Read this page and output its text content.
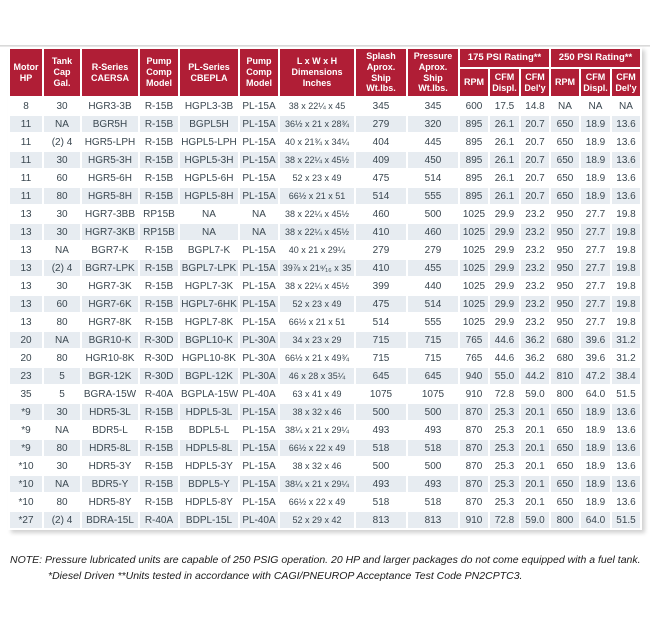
Motor HP	Tank Cap Gal.	R-Series CAERSA	Pump Comp Model	PL-Series CBEPLA	Pump Comp Model	L x W x H Dimensions Inches	Splash Aprox. Ship Wt.lbs.	Pressure Aprox. Ship Wt.lbs.	175 PSI Rating**			250 PSI Rating**		
									RPM	CFM Displ.	CFM Del'y	RPM	CFM Displ.	CFM Del'y
8	30	HGR3-3B	R-15B	HGPL3-3B	PL-15A	38 x 22¼ x 45	345	345	600	17.5	14.8	NA	NA	NA
11	NA	BGR5H	R-15B	BGPL5H	PL-15A	36½ x 21 x 28¾	279	320	895	26.1	20.7	650	18.9	13.6
11	(2) 4	HGR5-LPH	R-15B	HGPL5-LPH	PL-15A	40 x 21¾ x 34¼	404	445	895	26.1	20.7	650	18.9	13.6
11	30	HGR5-3H	R-15B	HGPL5-3H	PL-15A	38 x 22¼ x 45½	409	450	895	26.1	20.7	650	18.9	13.6
11	60	HGR5-6H	R-15B	HGPL5-6H	PL-15A	52 x 23 x 49	475	514	895	26.1	20.7	650	18.9	13.6
11	80	HGR5-8H	R-15B	HGPL5-8H	PL-15A	66½ x 21 x 51	514	555	895	26.1	20.7	650	18.9	13.6
13	30	HGR7-3BB	RP15B	NA	NA	38 x 22¼ x 45½	460	500	1025	29.9	23.2	950	27.7	19.8
13	30	HGR7-3KB	RP15B	NA	NA	38 x 22¼ x 45½	410	460	1025	29.9	23.2	950	27.7	19.8
13	NA	BGR7-K	R-15B	BGPL7-K	PL-15A	40 x 21 x 29¼	279	279	1025	29.9	23.2	950	27.7	19.8
13	(2) 4	BGR7-LPK	R-15B	BGPL7-LPK	PL-15A	39⅞ x 21⁹⁄₁₆ x 35	410	455	1025	29.9	23.2	950	27.7	19.8
13	30	HGR7-3K	R-15B	HGPL7-3K	PL-15A	38 x 22¼ x 45½	399	440	1025	29.9	23.2	950	27.7	19.8
13	60	HGR7-6K	R-15B	HGPL7-6HK	PL-15A	52 x 23 x 49	475	514	1025	29.9	23.2	950	27.7	19.8
13	80	HGR7-8K	R-15B	HGPL7-8K	PL-15A	66½ x 21 x 51	514	555	1025	29.9	23.2	950	27.7	19.8
20	NA	BGR10-K	R-30D	BGPL10-K	PL-30A	34 x 23 x 29	715	715	765	44.6	36.2	680	39.6	31.2
20	80	HGR10-8K	R-30D	HGPL10-8K	PL-30A	66½ x 21 x 49¾	715	715	765	44.6	36.2	680	39.6	31.2
23	5	BGR-12K	R-30D	BGPL-12K	PL-30A	46 x 28 x 35¼	645	645	940	55.0	44.2	810	47.2	38.4
35	5	BGRA-15W	R-40A	BGPLA-15W	PL-40A	63 x 41 x 49	1075	1075	910	72.8	59.0	800	64.0	51.5
*9	30	HDR5-3L	R-15B	HDPL5-3L	PL-15A	38 x 32 x 46	500	500	870	25.3	20.1	650	18.9	13.6
*9	NA	BDR5-L	R-15B	BDPL5-L	PL-15A	38¼ x 21 x 29¼	493	493	870	25.3	20.1	650	18.9	13.6
*9	80	HDR5-8L	R-15B	HDPL5-8L	PL-15A	66½ x 22 x 49	518	518	870	25.3	20.1	650	18.9	13.6
*10	30	HDR5-3Y	R-15B	HDPL5-3Y	PL-15A	38 x 32 x 46	500	500	870	25.3	20.1	650	18.9	13.6
*10	NA	BDR5-Y	R-15B	BDPL5-Y	PL-15A	38¼ x 21 x 29¼	493	493	870	25.3	20.1	650	18.9	13.6
*10	80	HDR5-8Y	R-15B	HDPL5-8Y	PL-15A	66½ x 22 x 49	518	518	870	25.3	20.1	650	18.9	13.6
*27	(2) 4	BDRA-15L	R-40A	BDPL-15L	PL-40A	52 x 29 x 42	813	813	910	72.8	59.0	800	64.0	51.5
NOTE: Pressure lubricated units are capable of 250 PSIG operation. 20 HP and larger packages do not come equipped with a fuel tank.
*Diesel Driven **Units tested in accordance with CAGI/PNEUROP Acceptance Test Code PN2CPTC3.
